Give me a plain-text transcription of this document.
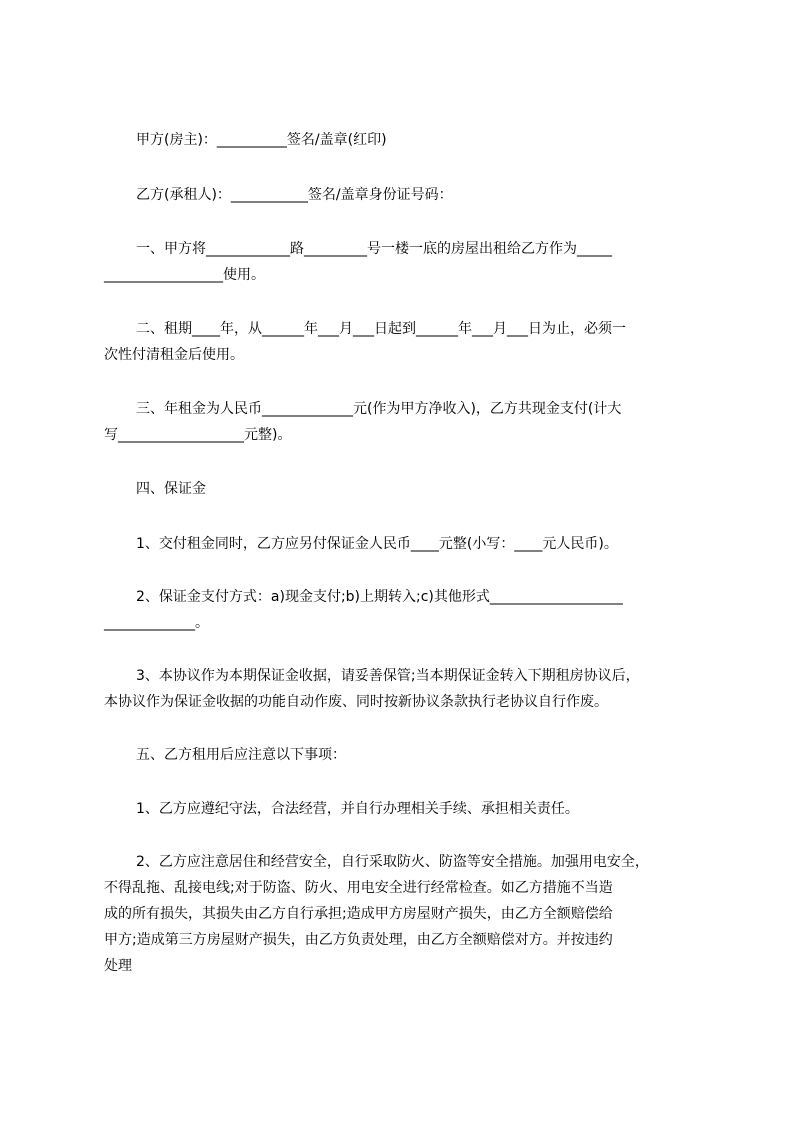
甲方(房主)：__________签名/盖章(红印)
乙方(承租人)：___________签名/盖章身份证号码：
一、甲方将____________路_________号一楼一底的房屋出租给乙方作为_____
_________________使用。
二、租期____年，从______年___月___日起到______年___月___日为止，必须一
次性付清租金后使用。
三、年租金为人民币_____________元(作为甲方净收入)，乙方共现金支付(计大
写__________________元整)。
四、保证金
1、交付租金同时，乙方应另付保证金人民币____元整(小写：____元人民币)。
2、保证金支付方式：a)现金支付;b)上期转入;c)其他形式___________________
_____________。
3、本协议作为本期保证金收据，请妥善保管;当本期保证金转入下期租房协议后，
本协议作为保证金收据的功能自动作废、同时按新协议条款执行老协议自行作废。
五、乙方租用后应注意以下事项：
1、乙方应遵纪守法，合法经营，并自行办理相关手续、承担相关责任。
2、乙方应注意居住和经营安全，自行采取防火、防盗等安全措施。加强用电安全，
不得乱拖、乱接电线;对于防盗、防火、用电安全进行经常检查。如乙方措施不当造
成的所有损失，其损失由乙方自行承担;造成甲方房屋财产损失，由乙方全额赔偿给
甲方;造成第三方房屋财产损失，由乙方负责处理，由乙方全额赔偿对方。并按违约
处理
